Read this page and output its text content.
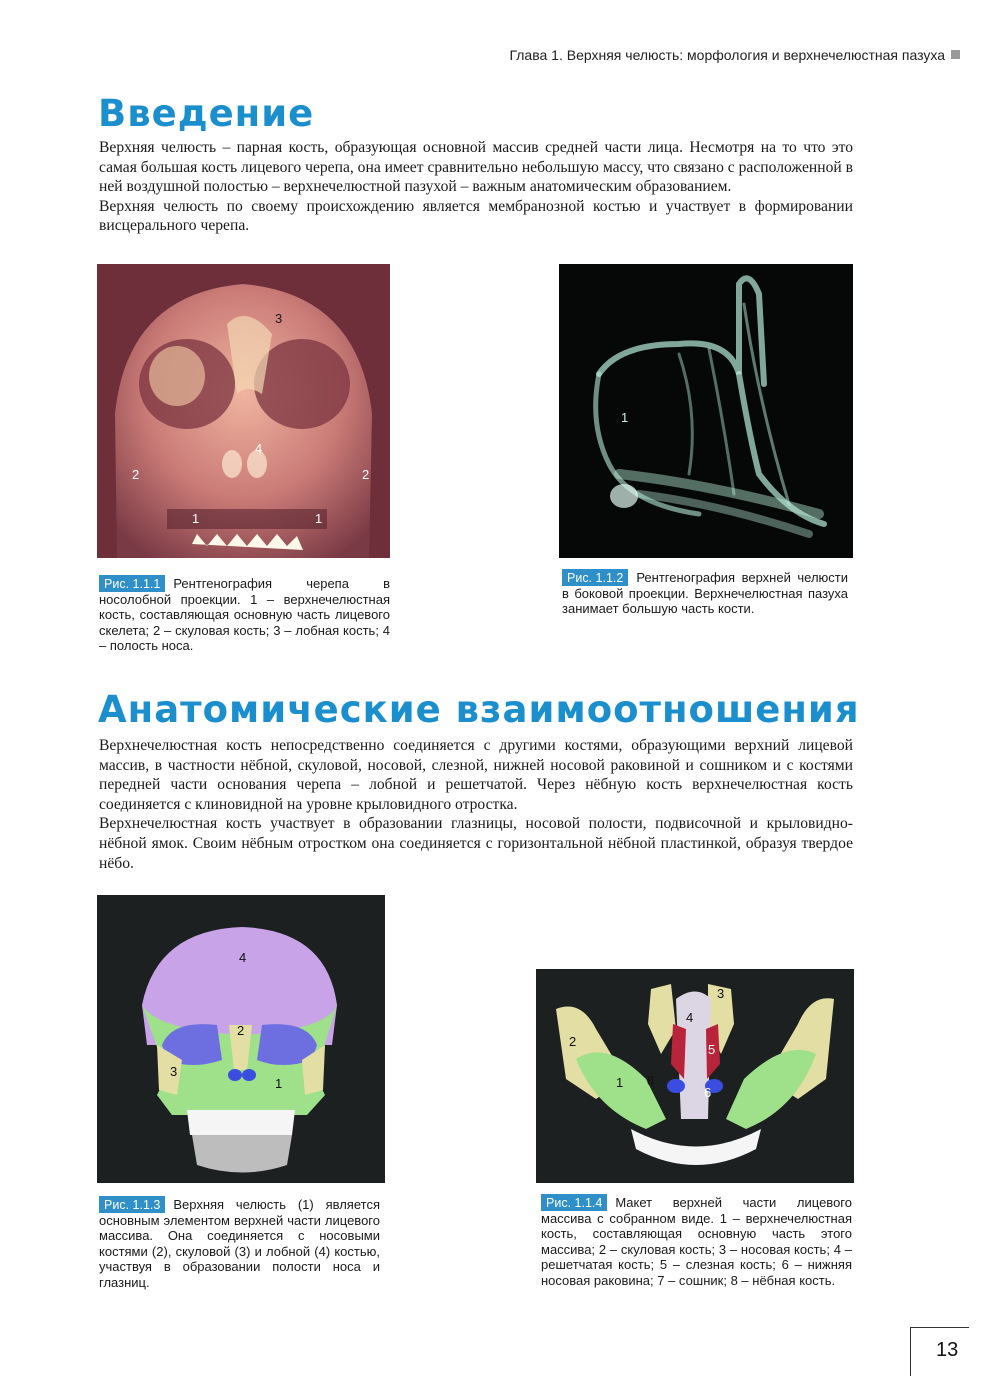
Глава 1. Верхняя челюсть: морфология и верхнечелюстная пазуха
Введение

Верхняя челюсть – парная кость, образующая основной массив средней части лица. Несмотря на то что это самая большая кость лицевого черепа, она имеет сравнительно небольшую массу, что связано с расположенной в ней воздушной полостью – верхнечелюстной пазухой – важным анатомическим образованием.

Верхняя челюсть по своему происхождению является мембранозной костью и участвует в формировании висцерального черепа.

3
4
2	2
1	1
Рис. 1.1.1 Рентгенография черепа в носолобной проекции. 1 – верхнечелюстная кость, составляющая основную часть лицевого скелета; 2 – скуловая кость; 3 – лобная кость; 4 – полость носа.
1
Рис. 1.1.2 Рентгенография верхней челюсти в боковой проекции. Верхнечелюстная пазуха занимает большую часть кости.
Анатомические взаимоотношения

Верхнечелюстная кость непосредственно соединяется с другими костями, образующими верхний лицевой массив, в частности нёбной, скуловой, носовой, слезной, нижней носовой раковиной и сошником и с костями передней части основания черепа – лобной и решетчатой. Через нёбную кость верхнечелюстная кость соединяется с клиновидной на уровне крыловидного отростка.

Верхнечелюстная кость участвует в образовании глазницы, носовой полости, подвисочной и крыловидно-нёбной ямок. Своим нёбным отростком она соединяется с горизонтальной нёбной пластинкой, образуя твердое нёбо.

4
2
3
1
Рис. 1.1.3 Верхняя челюсть (1) является основным элементом верхней части лицевого массива. Она соединяется с носовыми костями (2), скуловой (3) и лобной (4) костью, участвуя в образовании полости носа и глазниц.
3
2
4
5
1 8
6
Рис. 1.1.4 Макет верхней части лицевого массива с собранном виде. 1 – верхнечелюстная кость, составляющая основную часть этого массива; 2 – скуловая кость; 3 – носовая кость; 4 – решетчатая кость; 5 – слезная кость; 6 – нижняя носовая раковина; 7 – сошник; 8 – нёбная кость.
13
